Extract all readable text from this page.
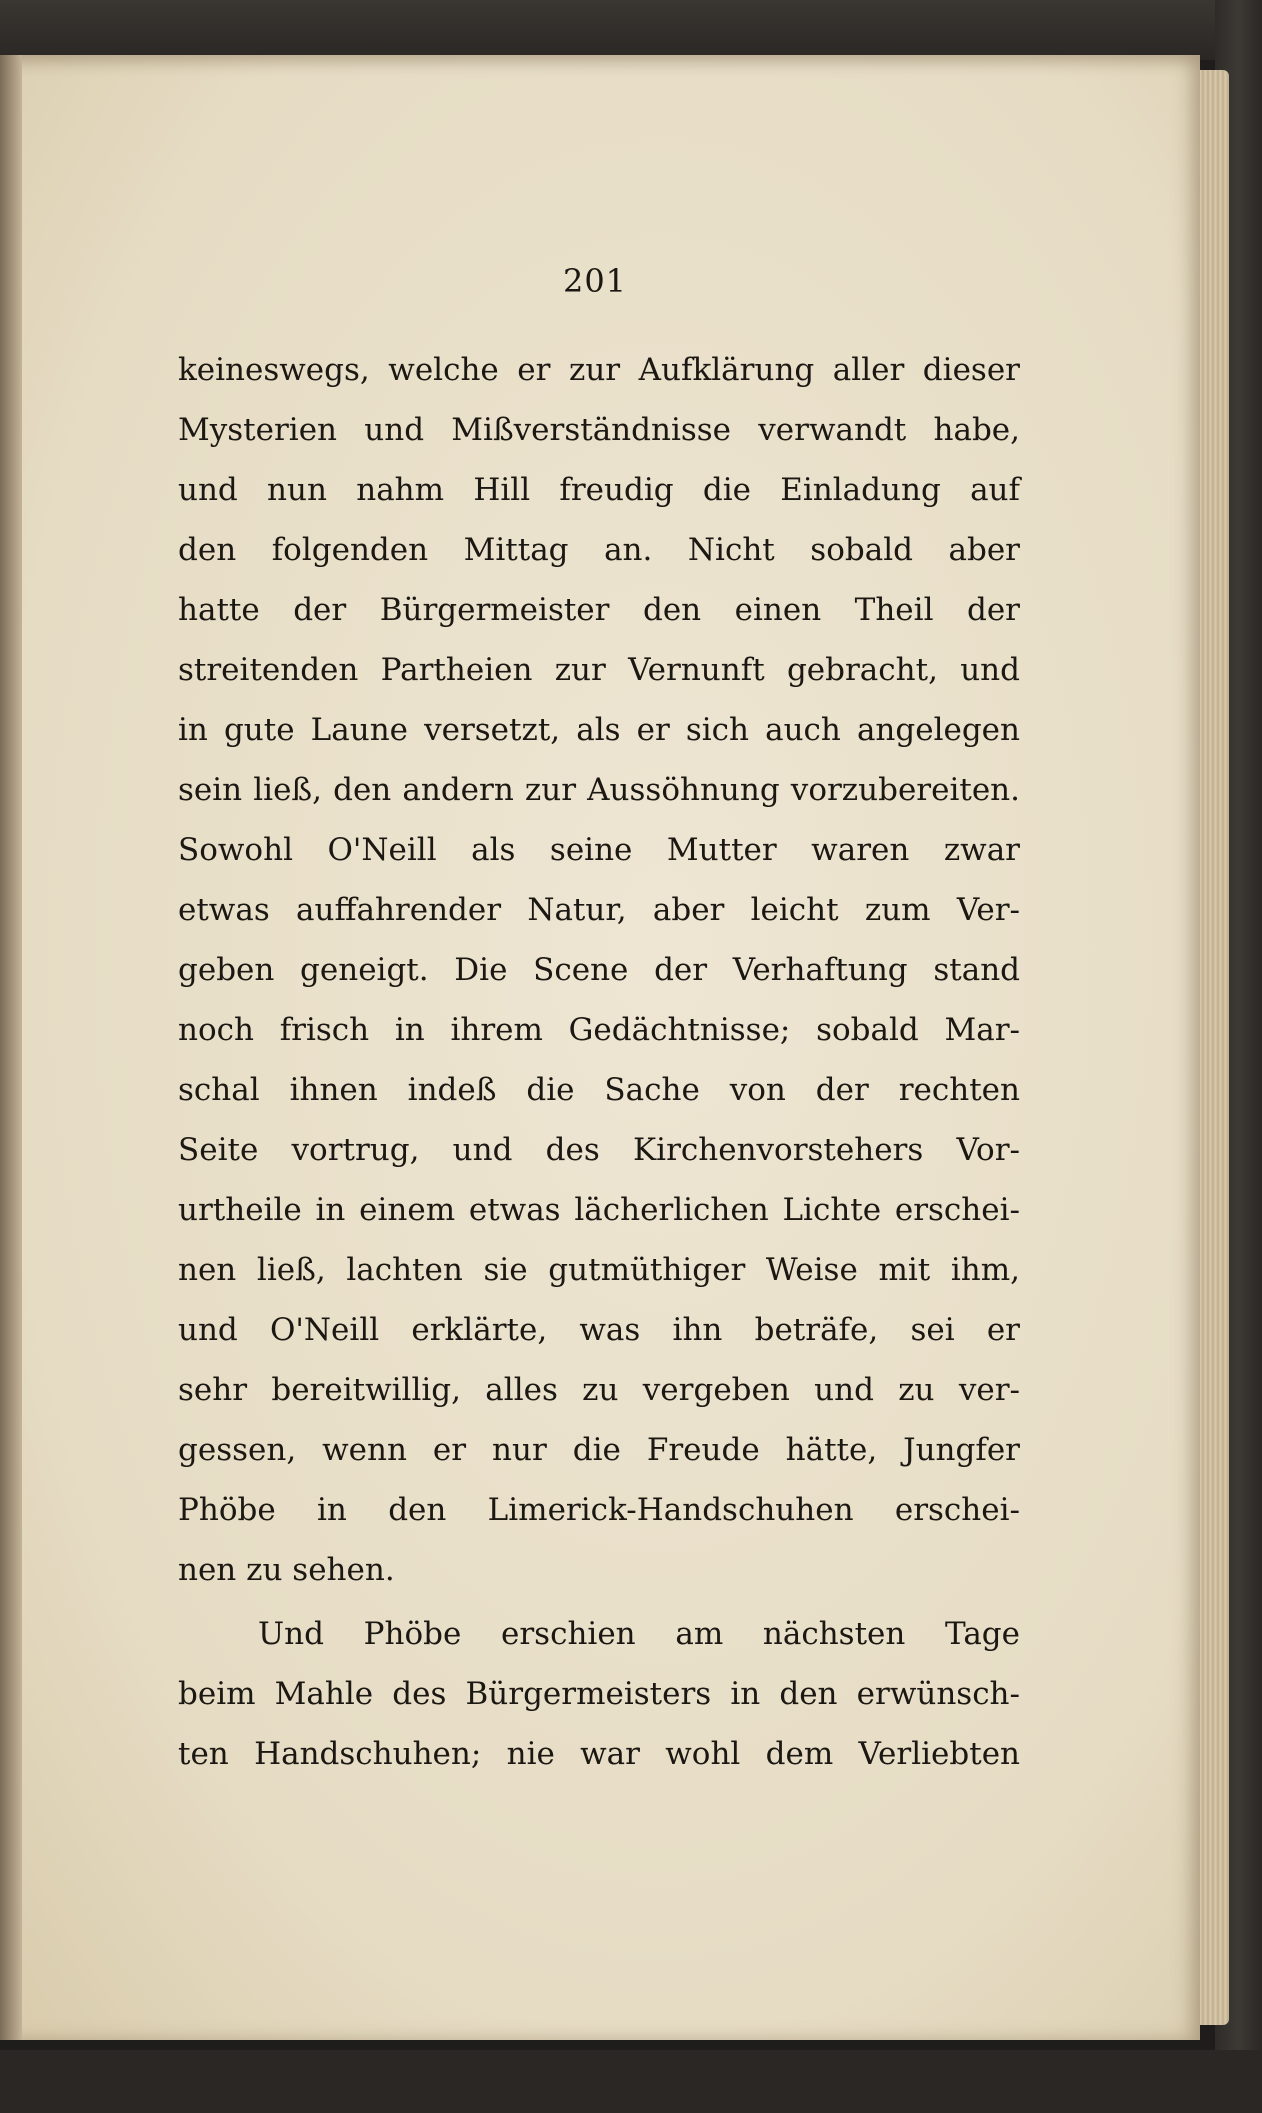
201
keineswegs, welche er zur Aufklärung aller dieser
Mysterien und Mißverständnisse verwandt habe,
und nun nahm Hill freudig die Einladung auf
den folgenden Mittag an. Nicht sobald aber
hatte der Bürgermeister den einen Theil der
streitenden Partheien zur Vernunft gebracht, und
in gute Laune versetzt, als er sich auch angelegen
sein ließ, den andern zur Aussöhnung vorzubereiten.
Sowohl O'Neill als seine Mutter waren zwar
etwas auffahrender Natur, aber leicht zum Ver-
geben geneigt. Die Scene der Verhaftung stand
noch frisch in ihrem Gedächtnisse; sobald Mar-
schal ihnen indeß die Sache von der rechten
Seite vortrug, und des Kirchenvorstehers Vor-
urtheile in einem etwas lächerlichen Lichte erschei-
nen ließ, lachten sie gutmüthiger Weise mit ihm,
und O'Neill erklärte, was ihn beträfe, sei er
sehr bereitwillig, alles zu vergeben und zu ver-
gessen, wenn er nur die Freude hätte, Jungfer
Phöbe in den Limerick-Handschuhen erschei-
nen zu sehen.
Und Phöbe erschien am nächsten Tage
beim Mahle des Bürgermeisters in den erwünsch-
ten Handschuhen; nie war wohl dem Verliebten
